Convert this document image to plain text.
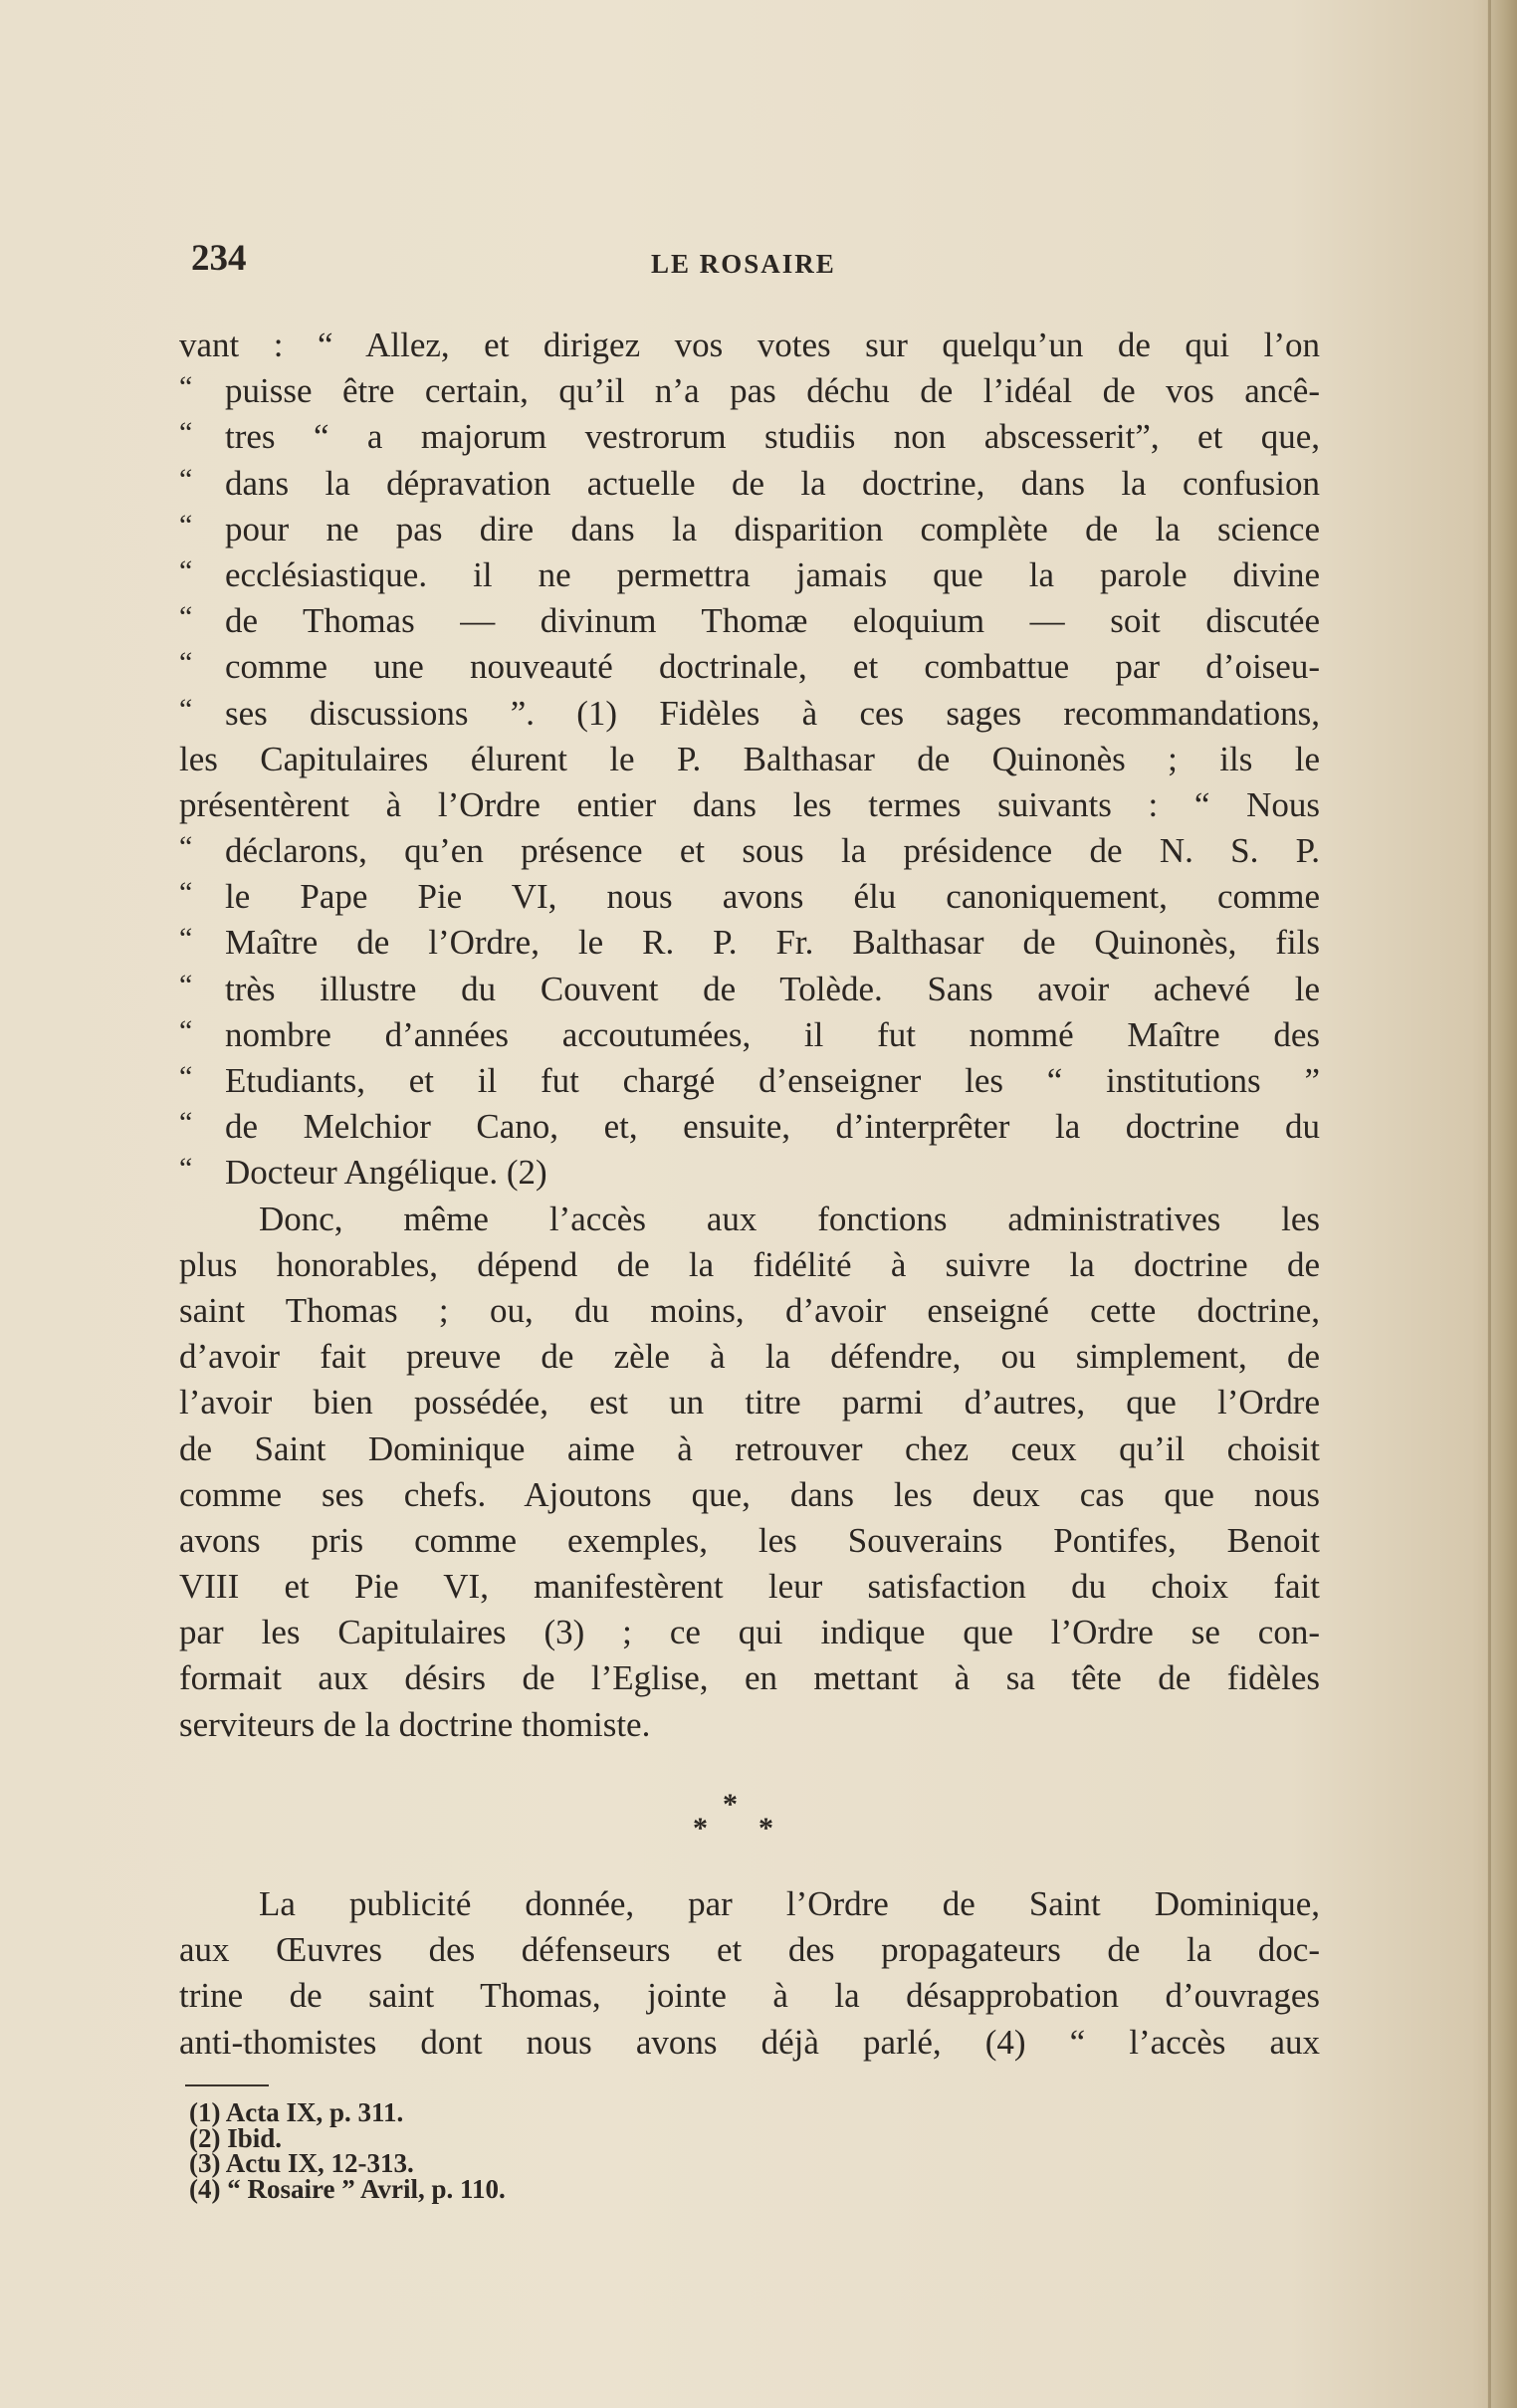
234	LE ROSAIRE
vant : “ Allez, et dirigez vos votes sur quelqu’un de qui l’on
“ puisse être certain, qu’il n’a pas déchu de l’idéal de vos ancê-
“ tres “ a majorum vestrorum studiis non abscesserit”, et que,
“ dans la dépravation actuelle de la doctrine, dans la confusion
“ pour ne pas dire dans la disparition complète de la science
“ ecclésiastique. il ne permettra jamais que la parole divine
“ de Thomas — divinum Thomæ eloquium — soit discutée
“ comme une nouveauté doctrinale, et combattue par d’oiseu-
“ ses discussions ”. (1) Fidèles à ces sages recommandations,
les Capitulaires élurent le P. Balthasar de Quinonès ; ils le
présentèrent à l’Ordre entier dans les termes suivants : “ Nous
“ déclarons, qu’en présence et sous la présidence de N. S. P.
“ le Pape Pie VI, nous avons élu canoniquement, comme
“ Maître de l’Ordre, le R. P. Fr. Balthasar de Quinonès, fils
“ très illustre du Couvent de Tolède. Sans avoir achevé le
“ nombre d’années accoutumées, il fut nommé Maître des
“ Etudiants, et il fut chargé d’enseigner les “ institutions ”
“ de Melchior Cano, et, ensuite, d’interprêter la doctrine du
“ Docteur Angélique. (2)
Donc, même l’accès aux fonctions administratives les
plus honorables, dépend de la fidélité à suivre la doctrine de
saint Thomas ; ou, du moins, d’avoir enseigné cette doctrine,
d’avoir fait preuve de zèle à la défendre, ou simplement, de
l’avoir bien possédée, est un titre parmi d’autres, que l’Ordre
de Saint Dominique aime à retrouver chez ceux qu’il choisit
comme ses chefs. Ajoutons que, dans les deux cas que nous
avons pris comme exemples, les Souverains Pontifes, Benoit
VIII et Pie VI, manifestèrent leur satisfaction du choix fait
par les Capitulaires (3) ; ce qui indique que l’Ordre se con-
formait aux désirs de l’Eglise, en mettant à sa tête de fidèles
serviteurs de la doctrine thomiste.
*
* *
La publicité donnée, par l’Ordre de Saint Dominique,
aux Œuvres des défenseurs et des propagateurs de la doc-
trine de saint Thomas, jointe à la désapprobation d’ouvrages
anti-thomistes dont nous avons déjà parlé, (4) “ l’accès aux
(1) Acta IX, p. 311.
(2) Ibid.
(3) Actu IX, 12-313.
(4) “ Rosaire ” Avril, p. 110.
